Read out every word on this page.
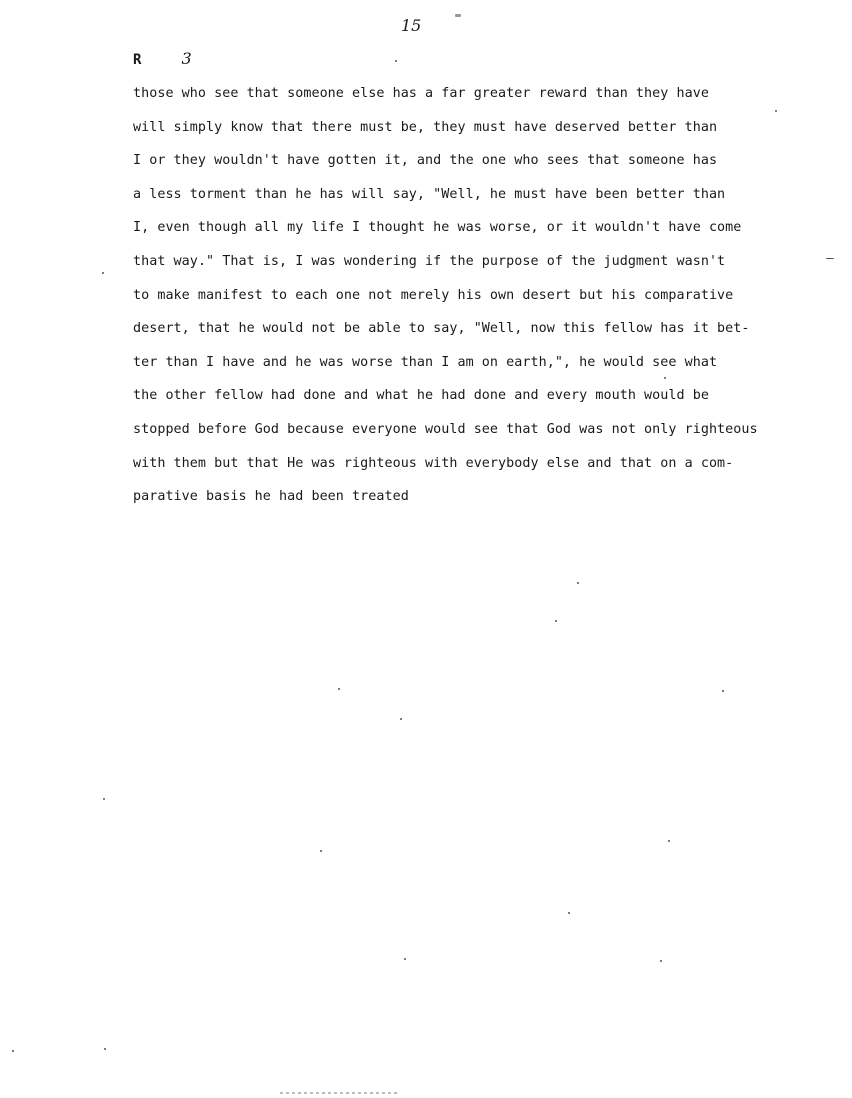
15
R	3
those who see that someone else has a far greater reward than they have
will simply know that there must be, they must have deserved better than
I or they wouldn't have gotten it, and the one who sees that someone has
a less torment than he has will say, "Well, he must have been better than
I, even though all my life I thought he was worse, or it wouldn't have come
that way." That is, I was wondering if the purpose of the judgment wasn't
to make manifest to each one not merely his own desert but his comparative
desert, that he would not be able to say, "Well, now this fellow has it bet-
ter than I have and he was worse than I am on earth,", he would see what
the other fellow had done and what he had done and every mouth would be
stopped before God because everyone would see that God was not only righteous
with them but that He was righteous with everybody else and that on a com-
parative basis he had been treated
